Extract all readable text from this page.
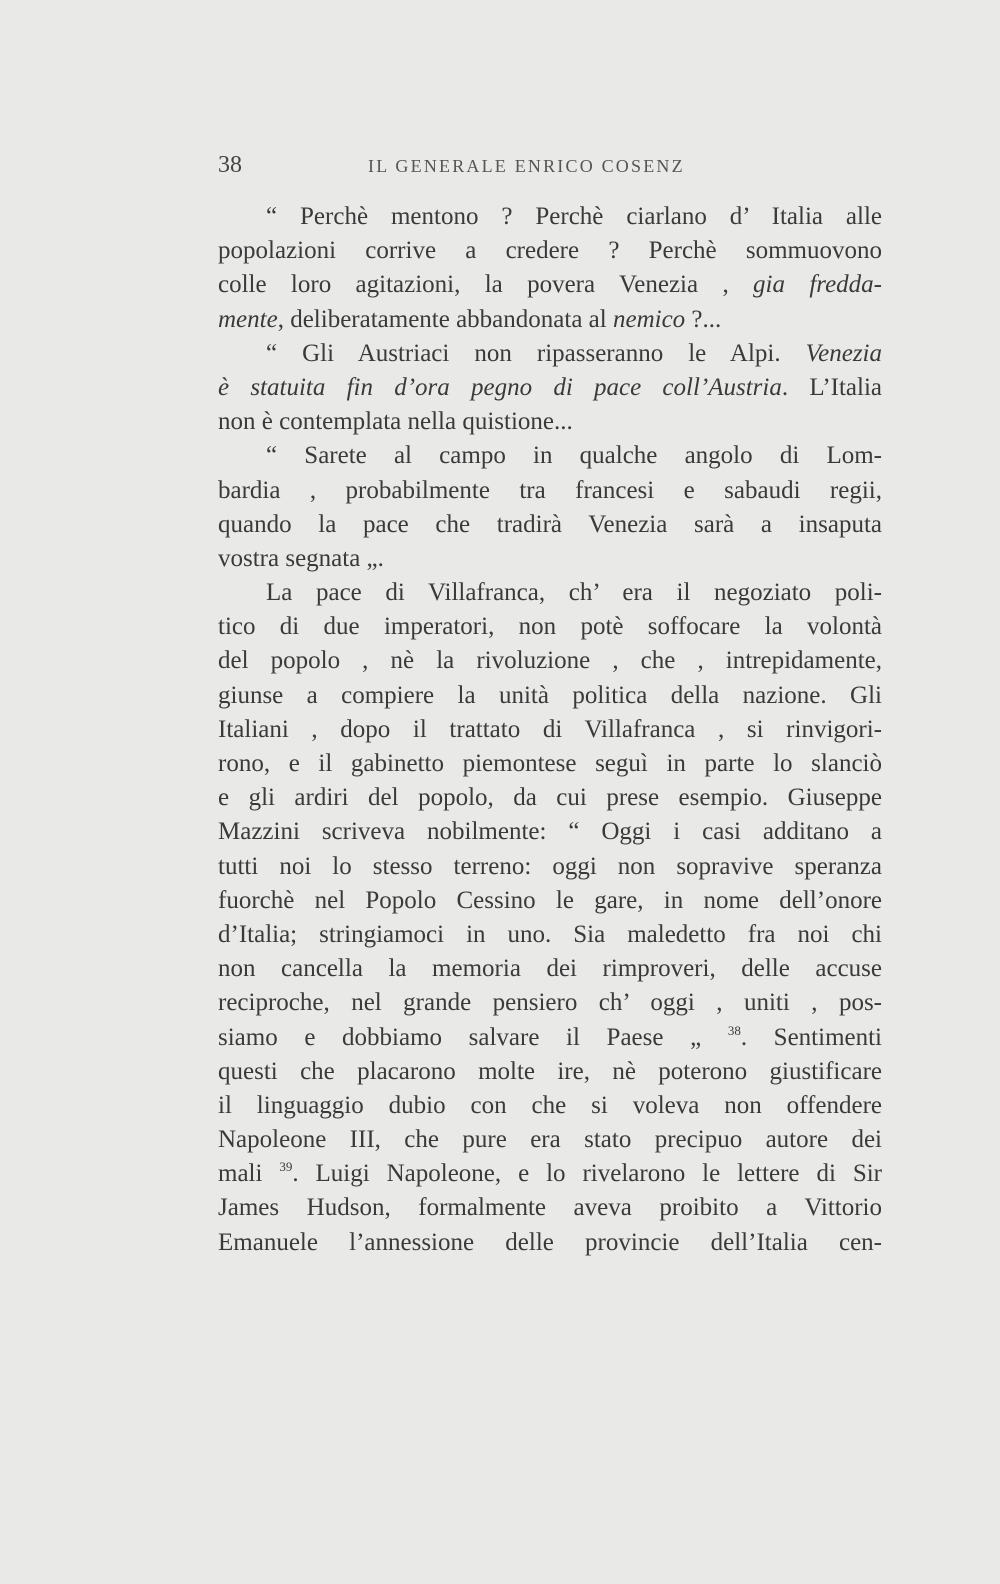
38	IL GENERALE ENRICO COSENZ
“ Perchè mentono ? Perchè ciarlano d’ Italia alle
popolazioni corrive a credere ? Perchè sommuovono
colle loro agitazioni, la povera Venezia , gia fredda-
mente, deliberatamente abbandonata al nemico ?...
“ Gli Austriaci non ripasseranno le Alpi. Venezia
è statuita fin d’ora pegno di pace coll’Austria. L’Italia
non è contemplata nella quistione...
“ Sarete al campo in qualche angolo di Lom-
bardia , probabilmente tra francesi e sabaudi regii,
quando la pace che tradirà Venezia sarà a insaputa
vostra segnata „.
La pace di Villafranca, ch’ era il negoziato poli-
tico di due imperatori, non potè soffocare la volontà
del popolo , nè la rivoluzione , che , intrepidamente,
giunse a compiere la unità politica della nazione. Gli
Italiani , dopo il trattato di Villafranca , si rinvigori-
rono, e il gabinetto piemontese seguì in parte lo slanciò
e gli ardiri del popolo, da cui prese esempio. Giuseppe
Mazzini scriveva nobilmente: “ Oggi i casi additano a
tutti noi lo stesso terreno: oggi non sopravive speranza
fuorchè nel Popolo Cessino le gare, in nome dell’onore
d’Italia; stringiamoci in uno. Sia maledetto fra noi chi
non cancella la memoria dei rimproveri, delle accuse
reciproche, nel grande pensiero ch’ oggi , uniti , pos-
siamo e dobbiamo salvare il Paese „ $^{38}$. Sentimenti
questi che placarono molte ire, nè poterono giustificare
il linguaggio dubio con che si voleva non offendere
Napoleone III, che pure era stato precipuo autore dei
mali $^{39}$. Luigi Napoleone, e lo rivelarono le lettere di Sir
James Hudson, formalmente aveva proibito a Vittorio
Emanuele l’annessione delle provincie dell’Italia cen-
